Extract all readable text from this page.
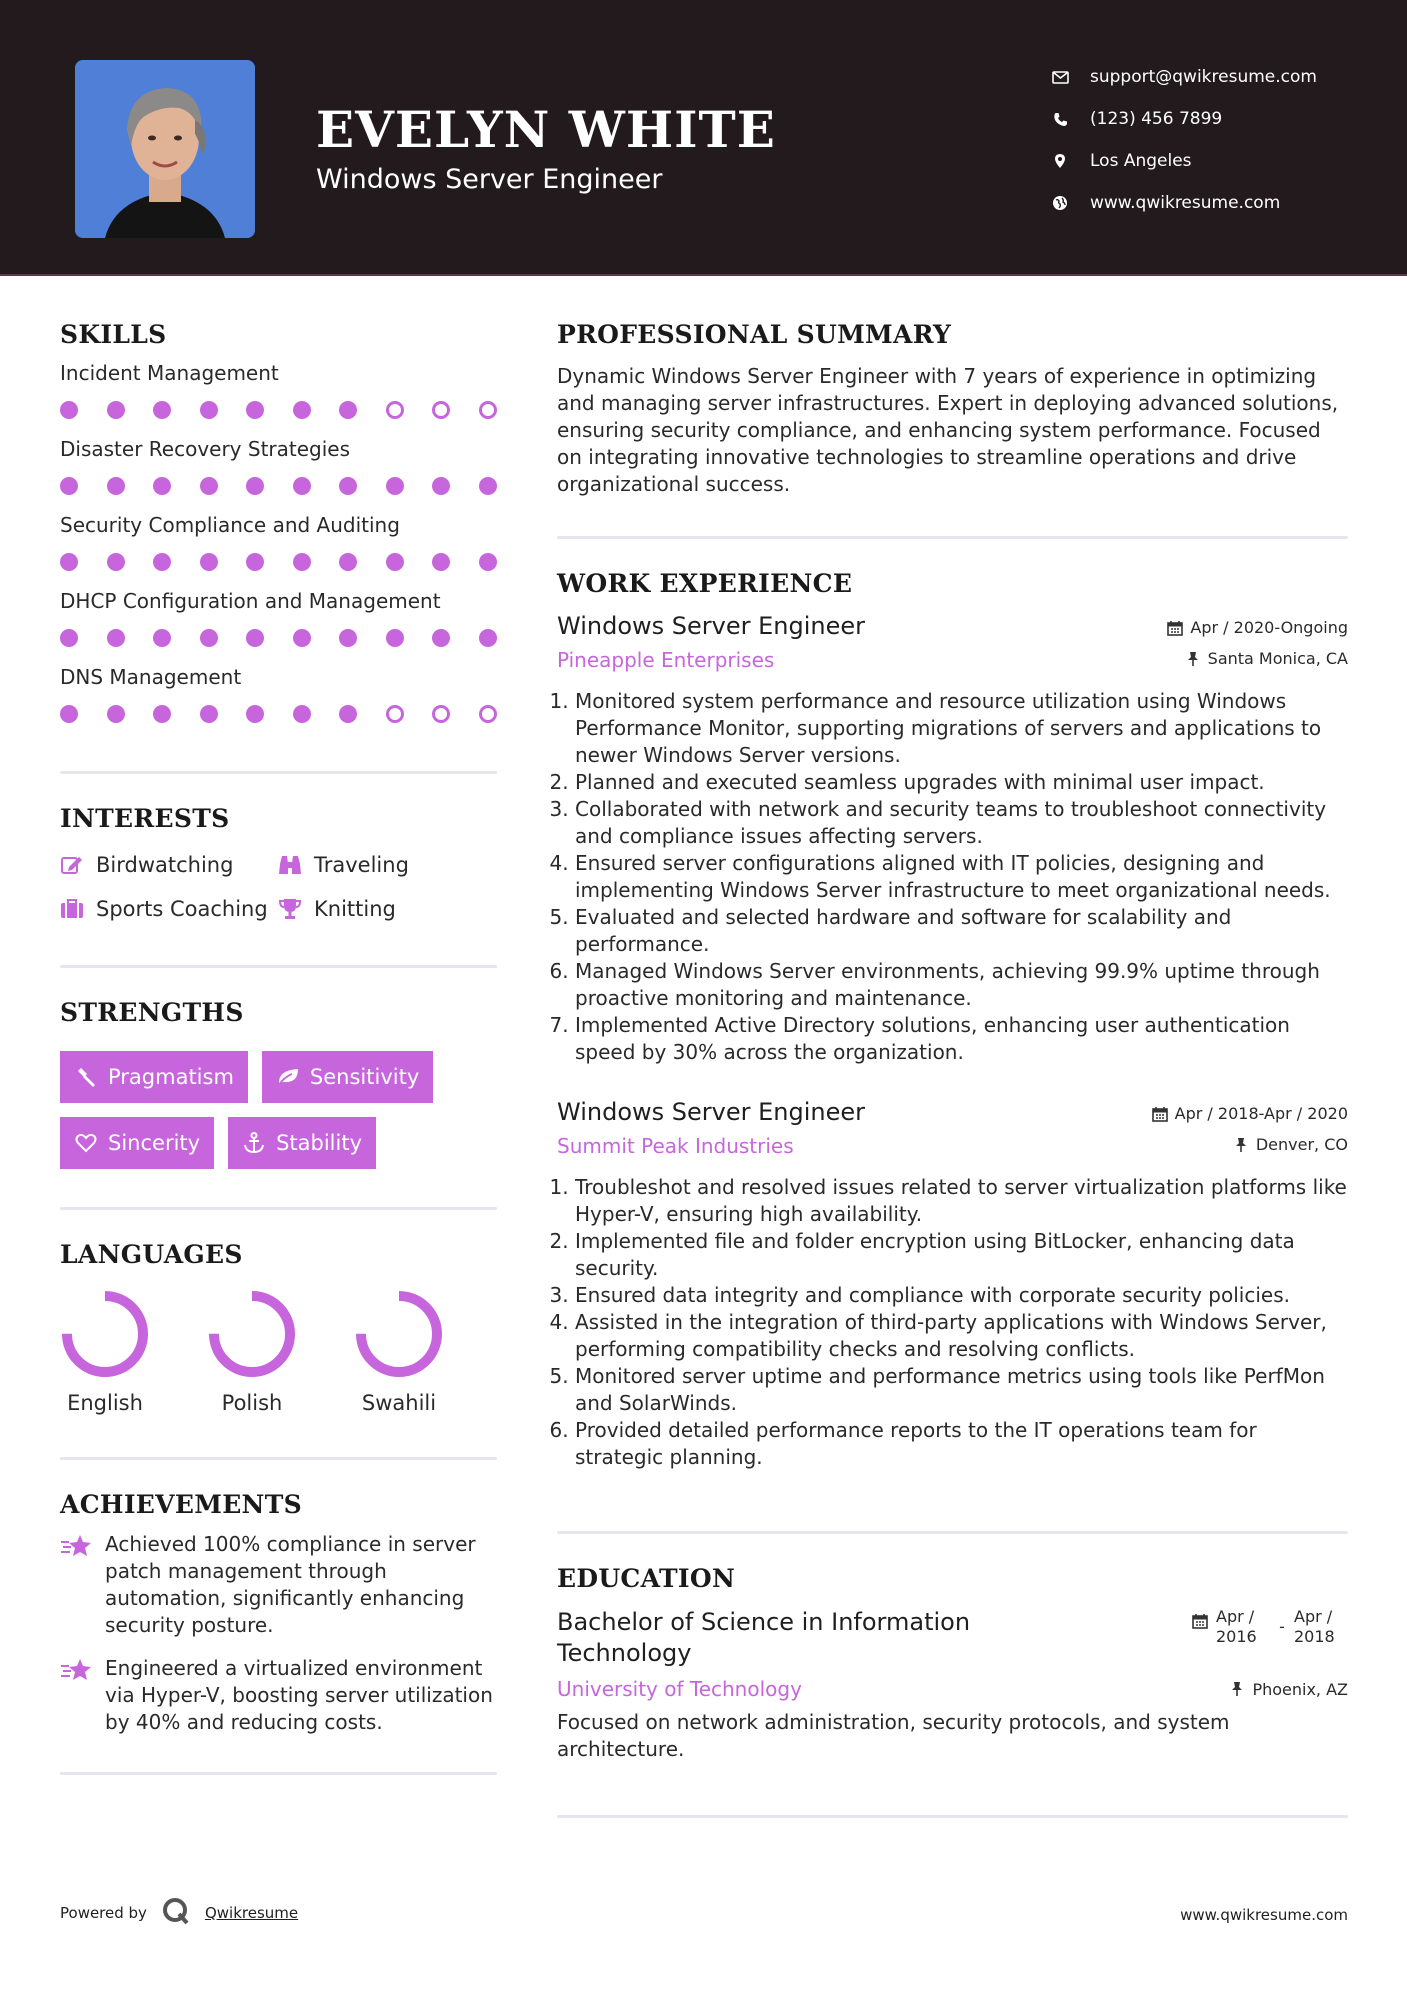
EVELYN WHITE
Windows Server Engineer
support@qwikresume.com
(123) 456 7899
Los Angeles
www.qwikresume.com
SKILLS
Incident Management
Disaster Recovery Strategies
Security Compliance and Auditing
DHCP Configuration and Management
DNS Management
INTERESTS
Birdwatching	Traveling
Sports Coaching Knitting
STRENGTHS
Pragmatism	Sensitivity
Sincerity	Stability
LANGUAGES
English	Polish	Swahili
ACHIEVEMENTS
Achieved 100% compliance in server patch management through automation, significantly enhancing security posture.
Engineered a virtualized environment via Hyper-V, boosting server utilization by 40% and reducing costs.
PROFESSIONAL SUMMARY
Dynamic Windows Server Engineer with 7 years of experience in optimizing and managing server infrastructures. Expert in deploying advanced solutions, ensuring security compliance, and enhancing system performance. Focused on integrating innovative technologies to streamline operations and drive organizational success.
WORK EXPERIENCE
Windows Server Engineer
Pineapple Enterprises
Apr / 2020-Ongoing
Santa Monica, CA
1. Monitored system performance and resource utilization using Windows Performance Monitor, supporting migrations of servers and applications to newer Windows Server versions.
2. Planned and executed seamless upgrades with minimal user impact.
3. Collaborated with network and security teams to troubleshoot connectivity and compliance issues affecting servers.
4. Ensured server configurations aligned with IT policies, designing and implementing Windows Server infrastructure to meet organizational needs.
5. Evaluated and selected hardware and software for scalability and performance.
6. Managed Windows Server environments, achieving 99.9% uptime through proactive monitoring and maintenance.
7. Implemented Active Directory solutions, enhancing user authentication speed by 30% across the organization.
Windows Server Engineer
Summit Peak Industries
Apr / 2018-Apr / 2020
Denver, CO
1. Troubleshot and resolved issues related to server virtualization platforms like Hyper-V, ensuring high availability.
2. Implemented file and folder encryption using BitLocker, enhancing data security.
3. Ensured data integrity and compliance with corporate security policies.
4. Assisted in the integration of third-party applications with Windows Server, performing compatibility checks and resolving conflicts.
5. Monitored server uptime and performance metrics using tools like PerfMon and SolarWinds.
6. Provided detailed performance reports to the IT operations team for strategic planning.
EDUCATION
Bachelor of Science in Information Technology
Apr / 2016
-
Apr / 2018
University of Technology	Phoenix, AZ
Focused on network administration, security protocols, and system architecture.
Powered by	Qwikresume	www.qwikresume.com
